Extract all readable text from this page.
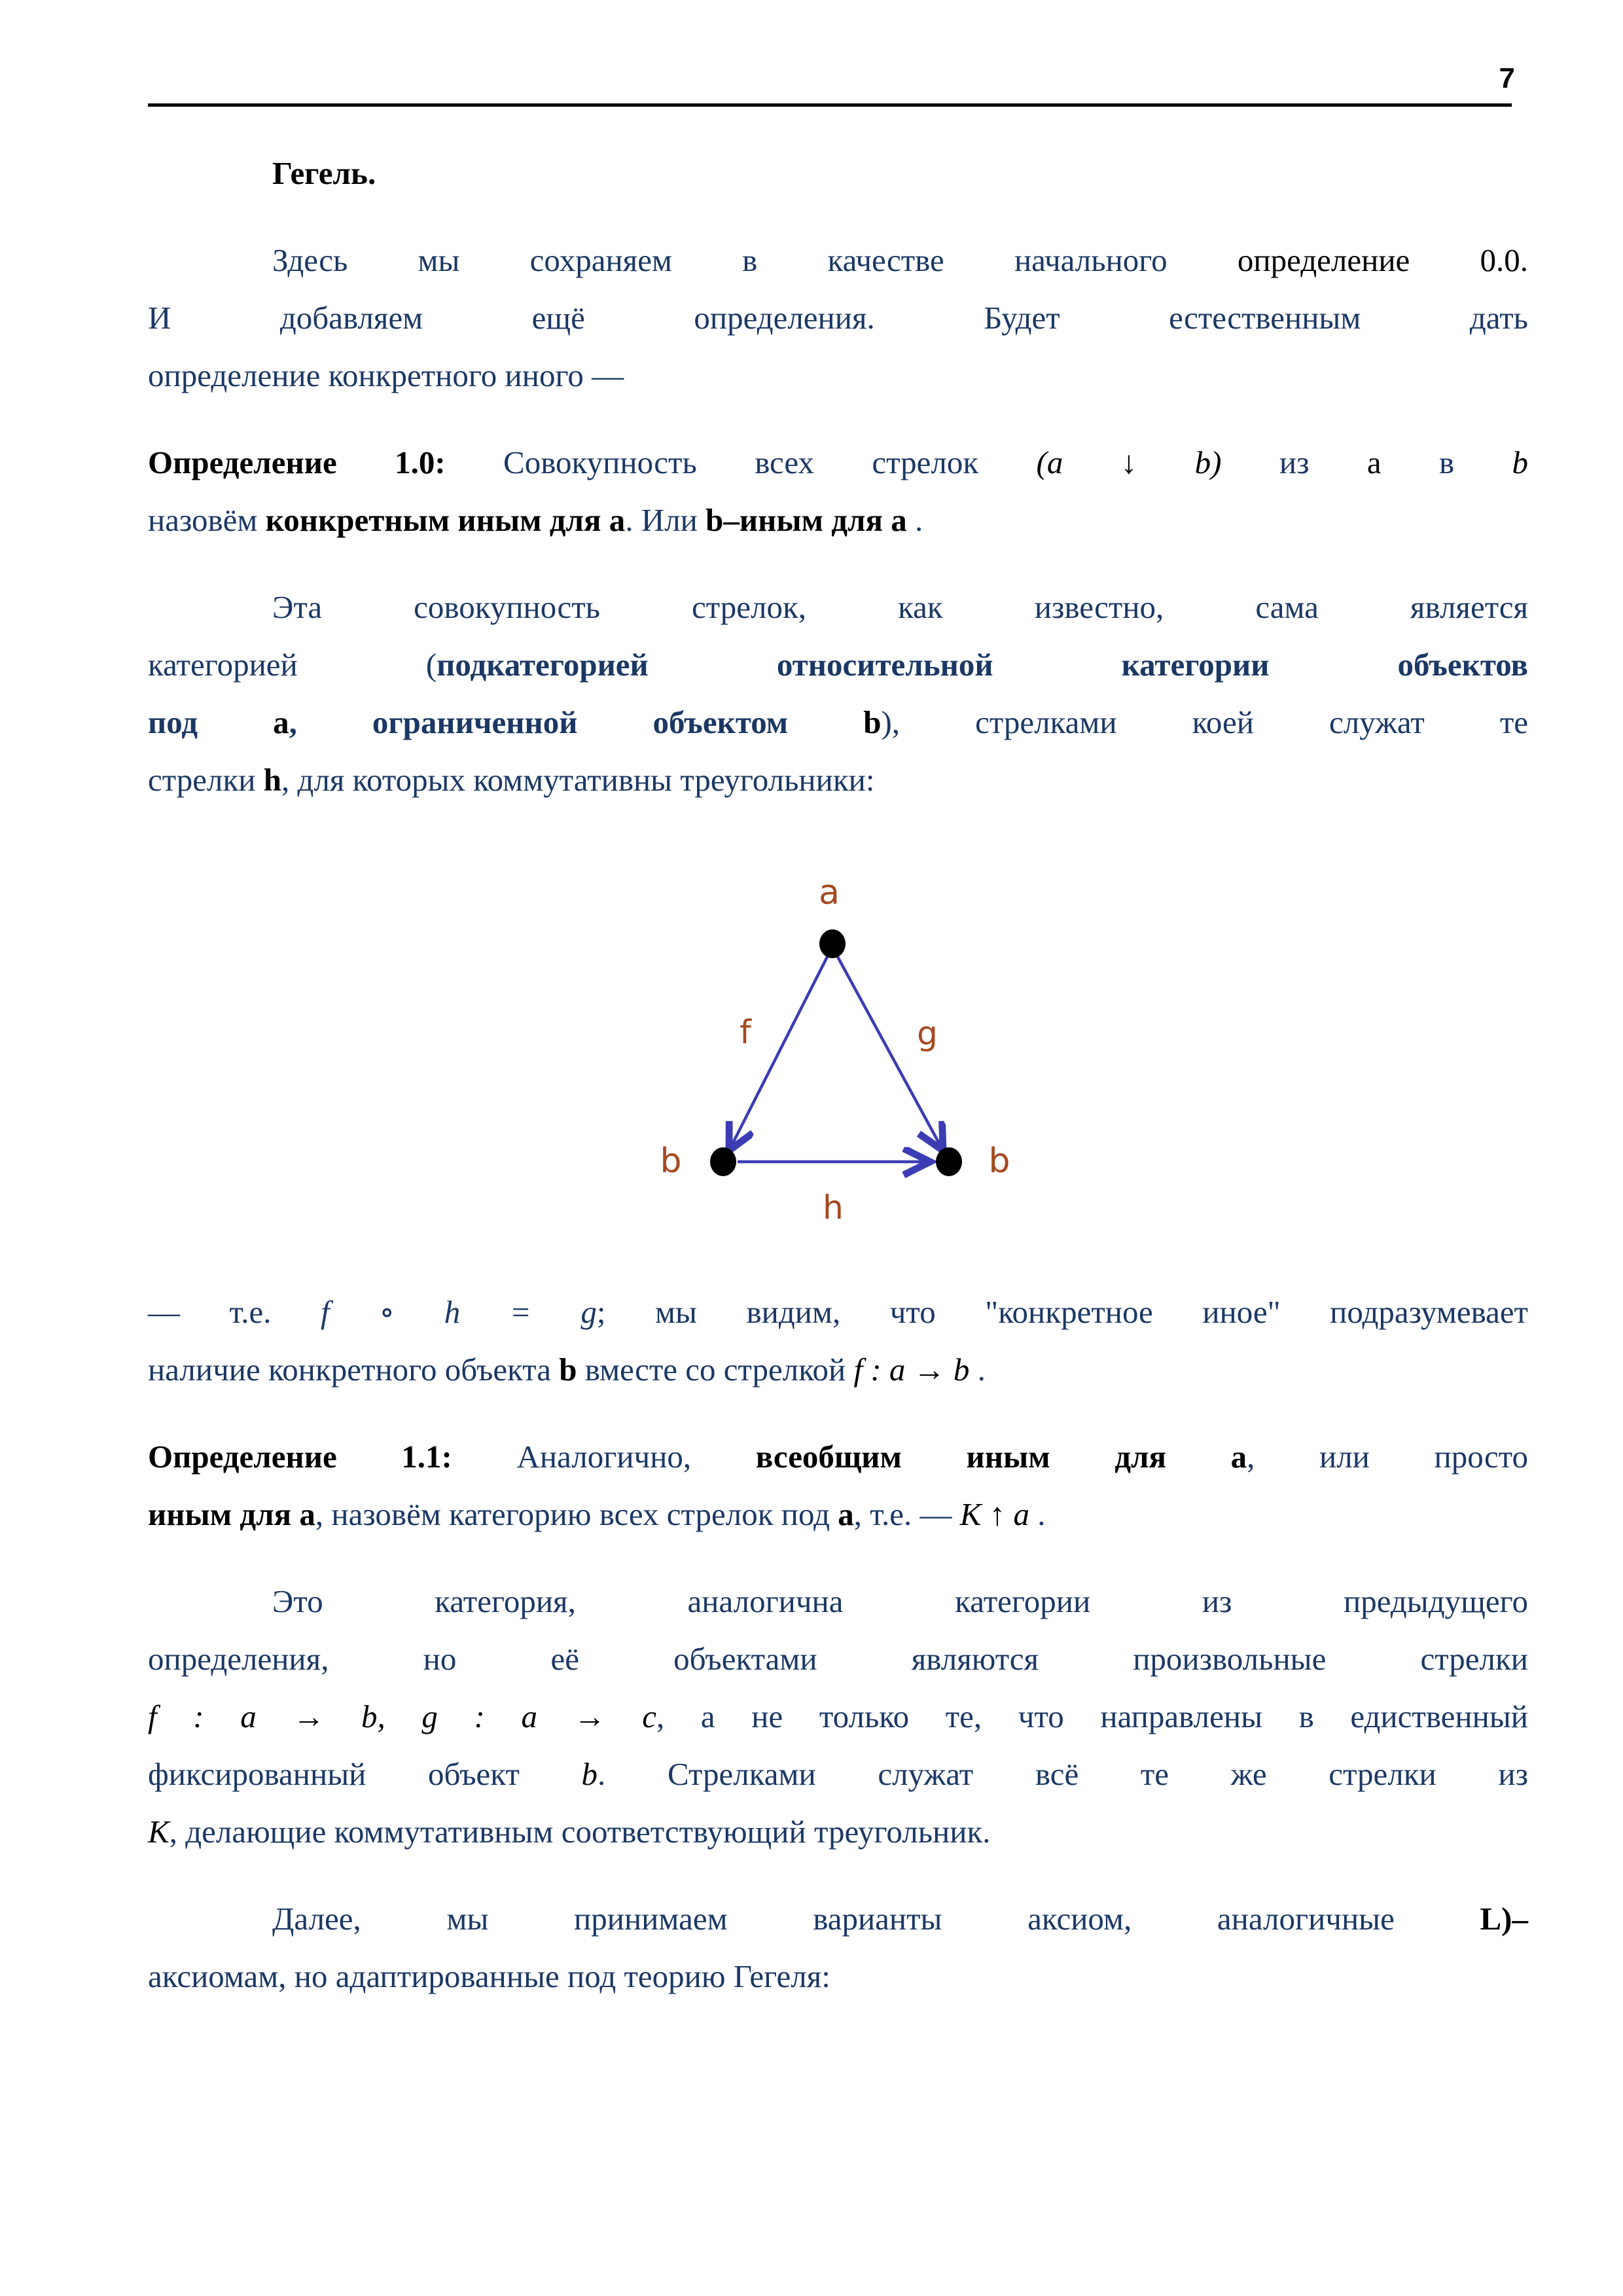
7
Гегель.
Здесь мы сохраняем в качестве начального определение 0.0.
И добавляем ещё определения. Будет естественным дать
определение конкретного иного —
Определение 1.0: Совокупность всех стрелок (a ↓ b) из а в b
назовём конкретным иным для a. Или b–иным для a .
Эта совокупность стрелок, как известно, сама является
категорией (подкатегорией относительной категории объектов
под a, ограниченной объектом b), стрелками коей служат те
стрелки h, для которых коммутативны треугольники:
a
b	b
f	g
h
— т.е. f ∘ h = g; мы видим, что "конкретное иное" подразумевает
наличие конкретного объекта b вместе со стрелкой f : a → b .
Определение 1.1: Аналогично, всеобщим иным для a, или просто
иным для a, назовём категорию всех стрелок под a, т.е. — K ↑ a .
Это категория, аналогична категории из предыдущего
определения, но её объектами являются произвольные стрелки
f : a → b, g : a → c, а не только те, что направлены в едиственный
фиксированный объект b. Стрелками служат всё те же стрелки из
K, делающие коммутативным соответствующий треугольник.
Далее, мы принимаем варианты аксиом, аналогичные L)–
аксиомам, но адаптированные под теорию Гегеля:
